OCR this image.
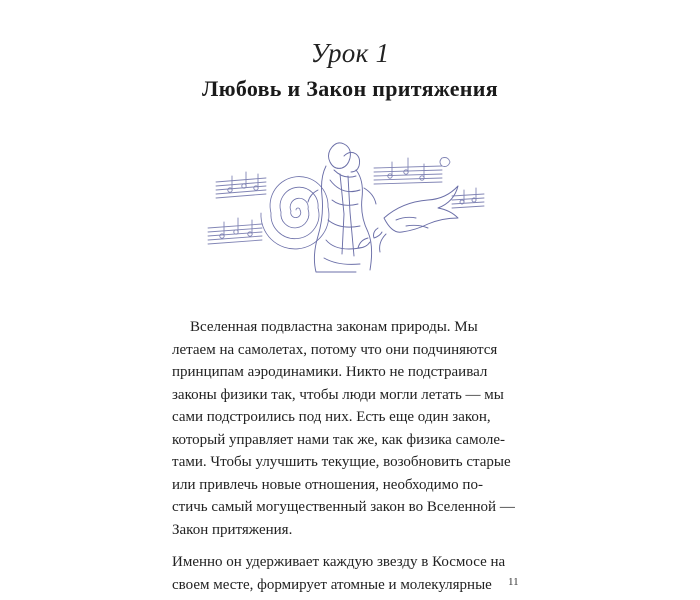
Урок 1
Любовь и Закон притяжения

Вселенная подвластна законам природы. Мы
летаем на самолетах, потому что они подчиняются
принципам аэродинамики. Никто не подстраивал
законы физики так, чтобы люди могли летать — мы
сами подстроились под них. Есть еще один закон,
который управляет нами так же, как физика самоле-
тами. Чтобы улучшить текущие, возобновить старые
или привлечь новые отношения, необходимо по-
стичь самый могущественный закон во Вселенной —
Закон притяжения.

Именно он удерживает каждую звезду в Космосе на
своем месте, формирует атомные и молекулярные	11
